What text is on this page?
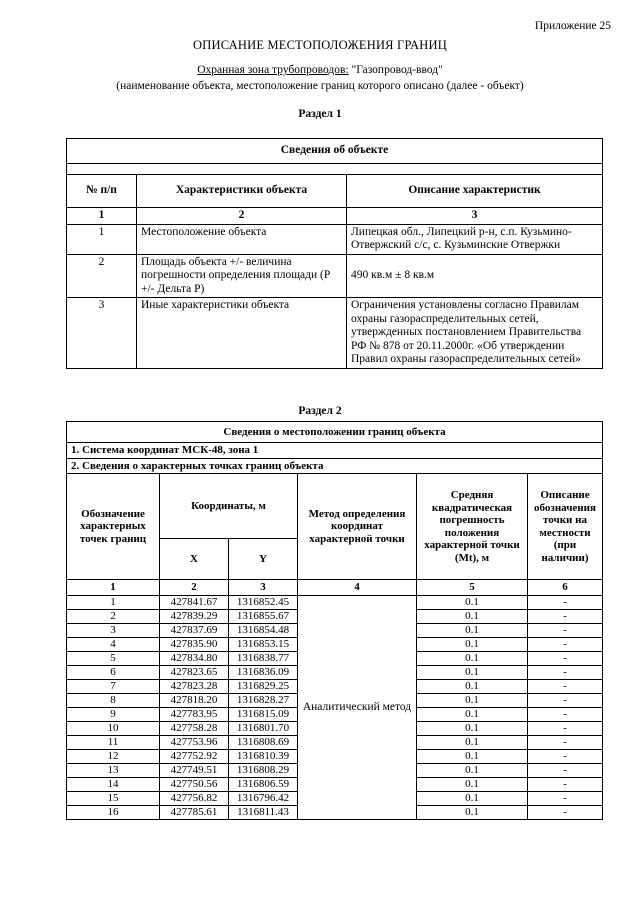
Приложение 25
ОПИСАНИЕ МЕСТОПОЛОЖЕНИЯ ГРАНИЦ
Охранная зона трубопроводов: "Газопровод-ввод"
(наименование объекта, местоположение границ которого описано (далее - объект)
Раздел 1
Сведения об объекте		

№ п/п	Характеристики объекта	Описание характеристик
1	2	3
1	Местоположение объекта	Липецкая обл., Липецкий р-н, с.п. Кузьмино-Отвержский с/с, с. Кузьминские Отвержки
2	Площадь объекта +/- величина погрешности определения площади (Р +/- Дельта Р)	490 кв.м ± 8 кв.м
3	Иные характеристики объекта	Ограничения установлены согласно Правилам охраны газораспределительных сетей, утвержденных постановлением Правительства РФ № 878 от 20.11.2000г. «Об утверждении Правил охраны газораспределительных сетей»
Раздел 2
Сведения о местоположении границ объекта					
1. Система координат МСК-48, зона 1					
2. Сведения о характерных точках границ объекта					
Обозначение характерных точек границ	Координаты, м		Метод определения координат характерной точки	Средняя квадратическая погрешность положения характерной точки (Mt), м	Описание обозначения точки на местности (при наличии)
	X	Y			
1	2	3	4	5	6
1	427841.67	1316852.45	Аналитический метод	0.1	-
2	427839.29	1316855.67		0.1	-
3	427837.69	1316854.48		0.1	-
4	427835.90	1316853.15		0.1	-
5	427834.80	1316838.77		0.1	-
6	427823.65	1316836.09		0.1	-
7	427823.28	1316829.25		0.1	-
8	427818.20	1316828.27		0.1	-
9	427783.95	1316815.09		0.1	-
10	427758.28	1316801.70		0.1	-
11	427753.96	1316808.69		0.1	-
12	427752.92	1316810.39		0.1	-
13	427749.51	1316808.29		0.1	-
14	427750.56	1316806.59		0.1	-
15	427756.82	1316796.42		0.1	-
16	427785.61	1316811.43		0.1	-
